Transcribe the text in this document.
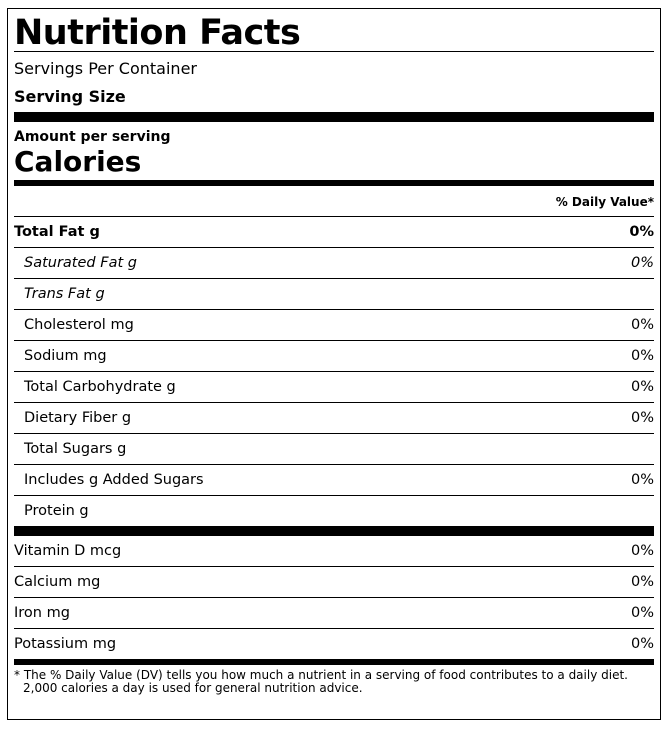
Nutrition Facts
Servings Per Container
Serving Size
Amount per serving
Calories
% Daily Value*
Total Fat g	0%
Saturated Fat g	0%
Trans Fat g
Cholesterol mg	0%
Sodium mg	0%
Total Carbohydrate g	0%
Dietary Fiber g	0%
Total Sugars g
Includes g Added Sugars	0%
Protein g
Vitamin D mcg	0%
Calcium mg	0%
Iron mg	0%
Potassium mg	0%
* The % Daily Value (DV) tells you how much a nutrient in a serving of food contributes to a daily diet.
2,000 calories a day is used for general nutrition advice.
